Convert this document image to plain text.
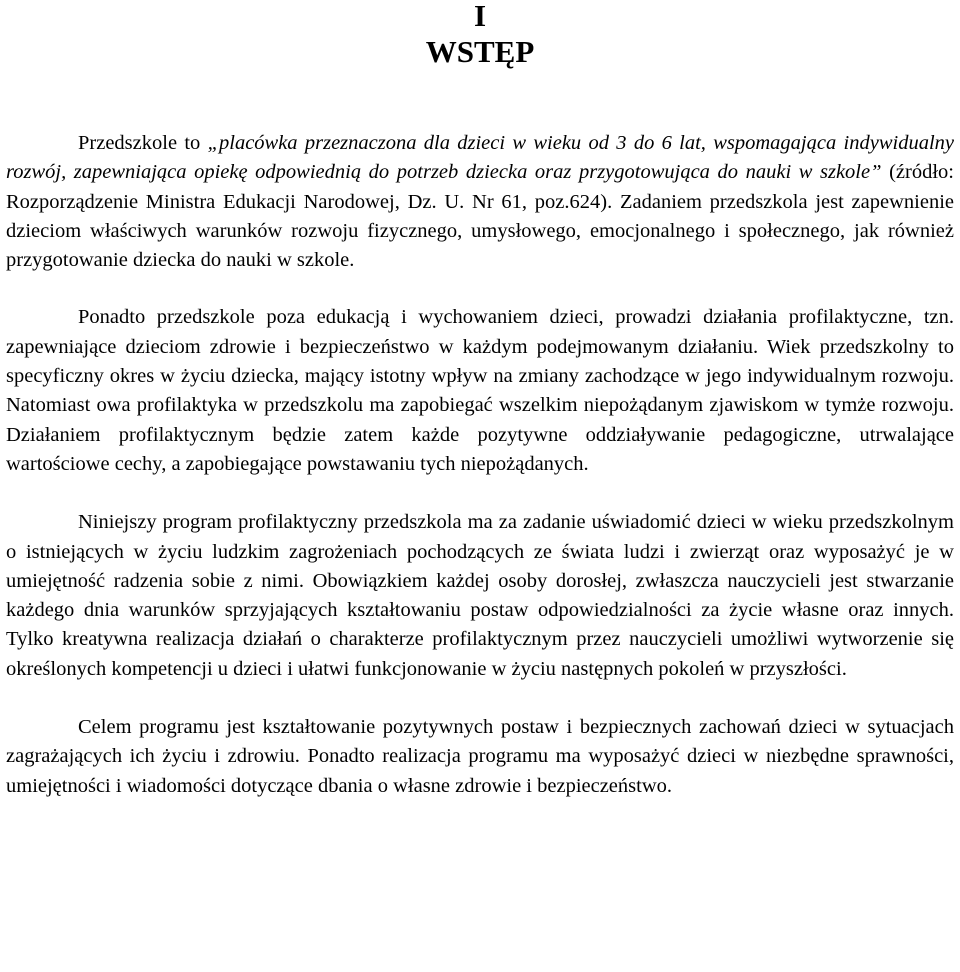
I
WSTĘP

Przedszkole to „placówka przeznaczona dla dzieci w wieku od 3 do 6 lat, wspomagająca indywidualny rozwój, zapewniająca opiekę odpowiednią do potrzeb dziecka oraz przygotowująca do nauki w szkole” (źródło: Rozporządzenie Ministra Edukacji Narodowej, Dz. U. Nr 61, poz.624). Zadaniem przedszkola jest zapewnienie dzieciom właściwych warunków rozwoju fizycznego, umysłowego, emocjonalnego i społecznego, jak również przygotowanie dziecka do nauki w szkole.

Ponadto przedszkole poza edukacją i wychowaniem dzieci, prowadzi działania profilaktyczne, tzn. zapewniające dzieciom zdrowie i bezpieczeństwo w każdym podejmowanym działaniu. Wiek przedszkolny to specyficzny okres w życiu dziecka, mający istotny wpływ na zmiany zachodzące w jego indywidualnym rozwoju. Natomiast owa profilaktyka w przedszkolu ma zapobiegać wszelkim niepożądanym zjawiskom w tymże rozwoju. Działaniem profilaktycznym będzie zatem każde pozytywne oddziaływanie pedagogiczne, utrwalające wartościowe cechy, a zapobiegające powstawaniu tych niepożądanych.

Niniejszy program profilaktyczny przedszkola ma za zadanie uświadomić dzieci w wieku przedszkolnym o istniejących w życiu ludzkim zagrożeniach pochodzących ze świata ludzi i zwierząt oraz wyposażyć je w umiejętność radzenia sobie z nimi. Obowiązkiem każdej osoby dorosłej, zwłaszcza nauczycieli jest stwarzanie każdego dnia warunków sprzyjających kształtowaniu postaw odpowiedzialności za życie własne oraz innych. Tylko kreatywna realizacja działań o charakterze profilaktycznym przez nauczycieli umożliwi wytworzenie się określonych kompetencji u dzieci i ułatwi funkcjonowanie w życiu następnych pokoleń w przyszłości.

Celem programu jest kształtowanie pozytywnych postaw i bezpiecznych zachowań dzieci w sytuacjach zagrażających ich życiu i zdrowiu. Ponadto realizacja programu ma wyposażyć dzieci w niezbędne sprawności, umiejętności i wiadomości dotyczące dbania o własne zdrowie i bezpieczeństwo.
